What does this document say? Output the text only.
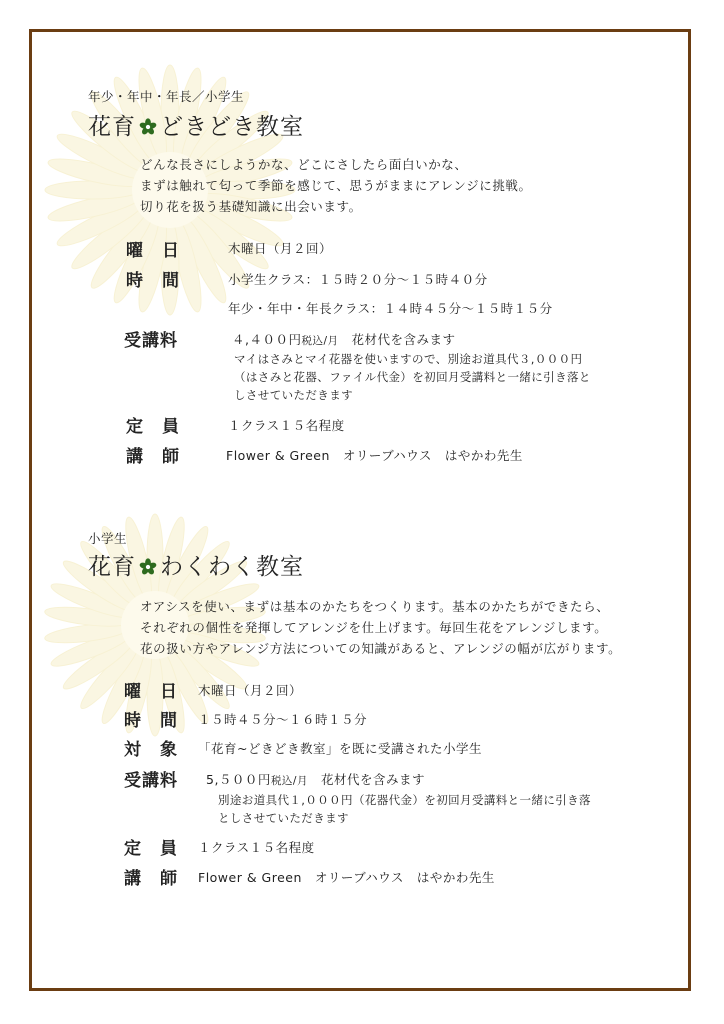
年少・年中・年長／小学生
花育 どきどき教室

どんな長さにしようかな、どこにさしたら面白いかな、

まずは触れて匂って季節を感じて、思うがままにアレンジに挑戦。

切り花を扱う基礎知識に出会います。

曜　日	木曜日（月２回）
時　間	小学生クラス：１５時２０分～１５時４０分
年少・年中・年長クラス：１４時４５分～１５時１５分
受講料	４,４００円税込/月　 花材代を含みます

マイはさみとマイ花器を使いますので、別途お道具代３,０００円

（はさみと花器、ファイル代金）を初回月受講料と一緒に引き落と

しさせていただきます

定　員	１クラス１５名程度
講　師	Flower & Green　オリーブハウス　はやかわ先生
小学生
花育 わくわく教室

オアシスを使い、まずは基本のかたちをつくります。基本のかたちができたら、

それぞれの個性を発揮してアレンジを仕上げます。毎回生花をアレンジします。

花の扱い方やアレンジ方法についての知識があると、アレンジの幅が広がります。

曜　日 木曜日（月２回）
時　間 １５時４５分～１６時１５分
対　象 「花育~どきどき教室」を既に受講された小学生
受講料 5,５００円税込/月　 花材代を含みます

別途お道具代１,０００円（花器代金）を初回月受講料と一緒に引き落

としさせていただきます

定　員 １クラス１５名程度
講　師 Flower & Green　オリーブハウス　はやかわ先生
